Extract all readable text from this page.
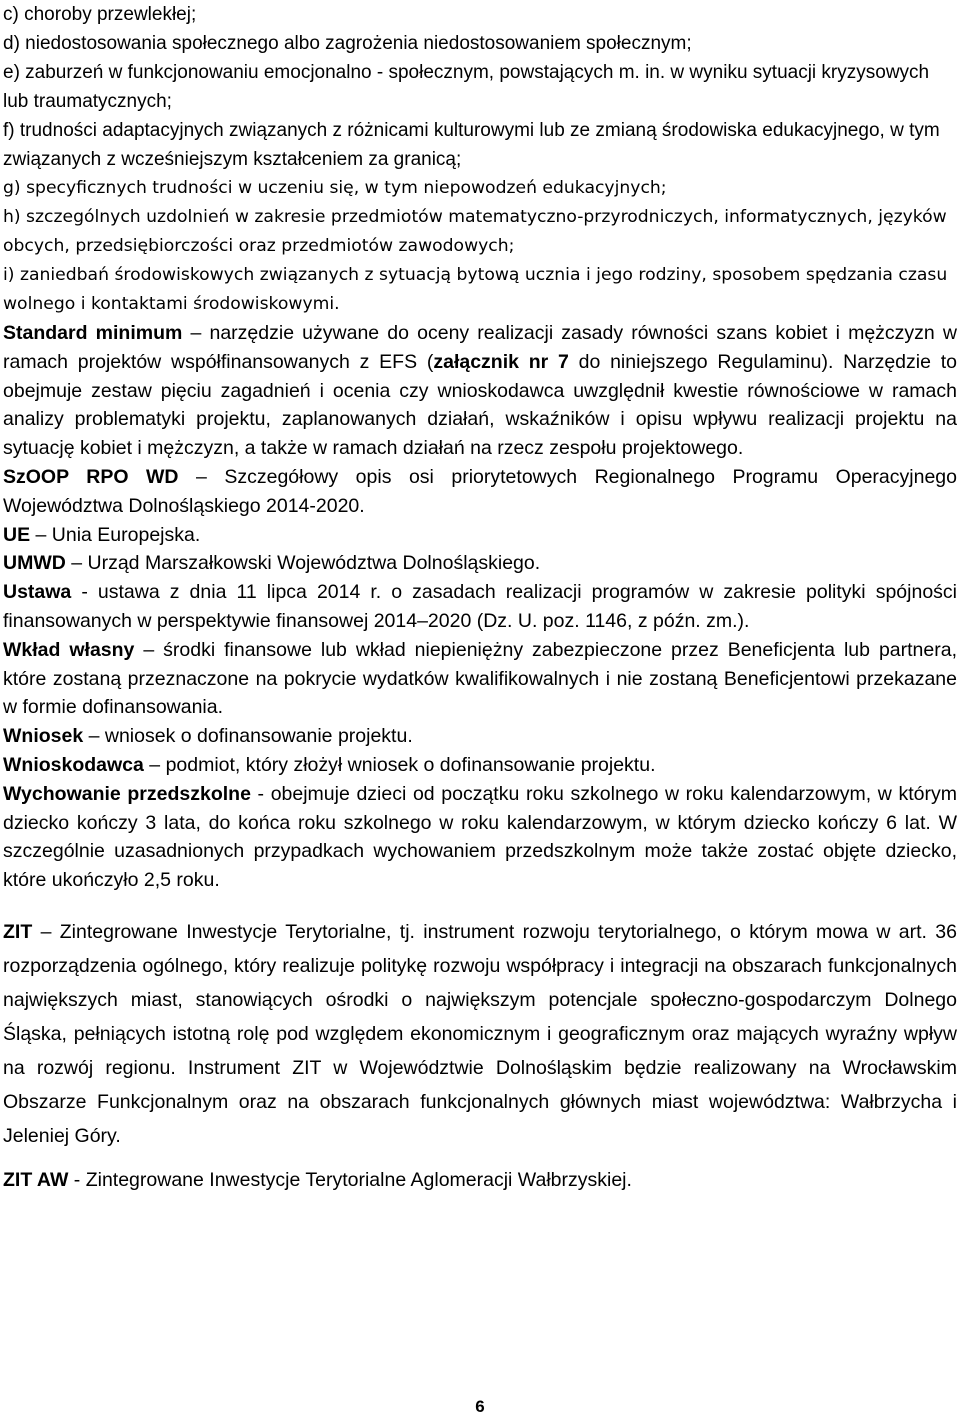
c) choroby przewlekłej;

d) niedostosowania społecznego albo zagrożenia niedostosowaniem społecznym;

e) zaburzeń w funkcjonowaniu emocjonalno - społecznym, powstających m. in. w wyniku sytuacji kryzysowych lub traumatycznych;

f) trudności adaptacyjnych związanych z różnicami kulturowymi lub ze zmianą środowiska edukacyjnego, w tym związanych z wcześniejszym kształceniem za granicą;

g) specyficznych trudności w uczeniu się, w tym niepowodzeń edukacyjnych;

h) szczególnych uzdolnień w zakresie przedmiotów matematyczno-przyrodniczych, informatycznych, języków obcych, przedsiębiorczości oraz przedmiotów zawodowych;

i) zaniedbań środowiskowych związanych z sytuacją bytową ucznia i jego rodziny, sposobem spędzania czasu wolnego i kontaktami środowiskowymi.

Standard minimum – narzędzie używane do oceny realizacji zasady równości szans kobiet i mężczyzn w ramach projektów współfinansowanych z EFS (załącznik nr 7 do niniejszego Regulaminu). Narzędzie to obejmuje zestaw pięciu zagadnień i ocenia czy wnioskodawca uwzględnił kwestie równościowe w ramach analizy problematyki projektu, zaplanowanych działań, wskaźników i opisu wpływu realizacji projektu na sytuację kobiet i mężczyzn, a także w ramach działań na rzecz zespołu projektowego.

SzOOP RPO WD – Szczegółowy opis osi priorytetowych Regionalnego Programu Operacyjnego Województwa Dolnośląskiego 2014-2020.

UE – Unia Europejska.

UMWD – Urząd Marszałkowski Województwa Dolnośląskiego.

Ustawa - ustawa z dnia 11 lipca 2014 r. o zasadach realizacji programów w zakresie polityki spójności finansowanych w perspektywie finansowej 2014–2020 (Dz. U. poz. 1146, z późn. zm.).

Wkład własny – środki finansowe lub wkład niepieniężny zabezpieczone przez Beneficjenta lub partnera, które zostaną przeznaczone na pokrycie wydatków kwalifikowalnych i nie zostaną Beneficjentowi przekazane w formie dofinansowania.

Wniosek – wniosek o dofinansowanie projektu.

Wnioskodawca – podmiot, który złożył wniosek o dofinansowanie projektu.

Wychowanie przedszkolne - obejmuje dzieci od początku roku szkolnego w roku kalendarzowym, w którym dziecko kończy 3 lata, do końca roku szkolnego w roku kalendarzowym, w którym dziecko kończy 6 lat. W szczególnie uzasadnionych przypadkach wychowaniem przedszkolnym może także zostać objęte dziecko, które ukończyło 2,5 roku.

ZIT – Zintegrowane Inwestycje Terytorialne, tj. instrument rozwoju terytorialnego, o którym mowa w art. 36 rozporządzenia ogólnego, który realizuje politykę rozwoju współpracy i integracji na obszarach funkcjonalnych największych miast, stanowiących ośrodki o największym potencjale społeczno-gospodarczym Dolnego Śląska, pełniących istotną rolę pod względem ekonomicznym i geograficznym oraz mających wyraźny wpływ na rozwój regionu. Instrument ZIT w Województwie Dolnośląskim będzie realizowany na Wrocławskim Obszarze Funkcjonalnym oraz na obszarach funkcjonalnych głównych miast województwa: Wałbrzycha i Jeleniej Góry.

ZIT AW - Zintegrowane Inwestycje Terytorialne Aglomeracji Wałbrzyskiej.

6
